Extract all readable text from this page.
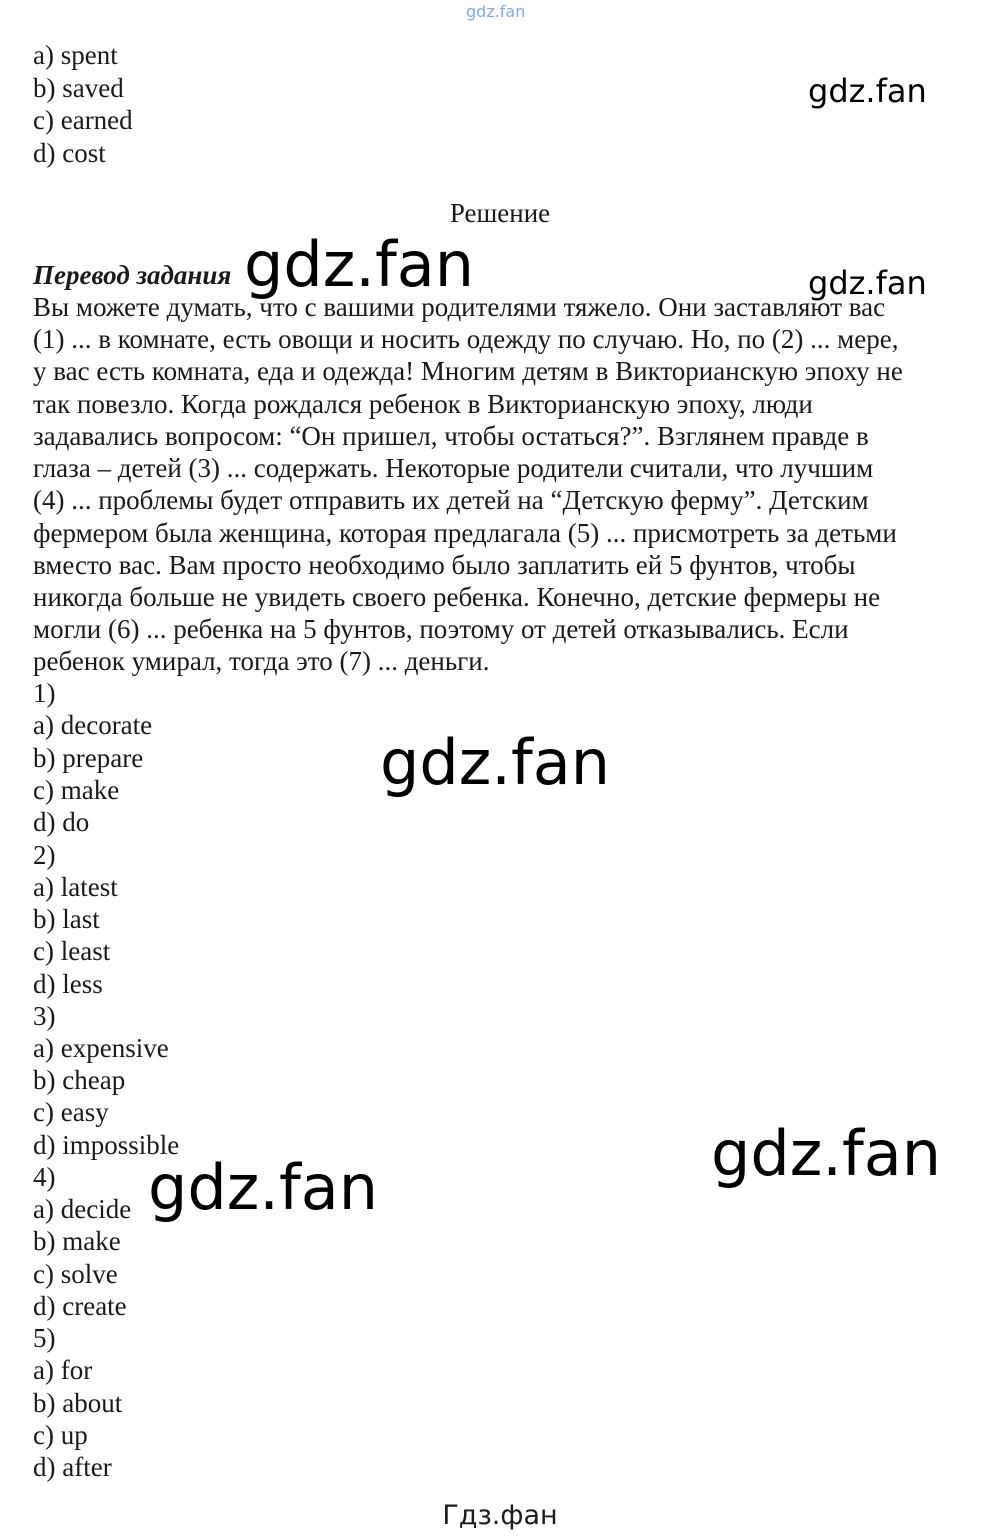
gdz.fan
a) spent
b) saved
c) earned
d) cost
gdz.fan
Решение
Перевод задания
Вы можете думать, что с вашими родителями тяжело. Они заставляют вас
(1) ... в комнате, есть овощи и носить одежду по случаю. Но, по (2) ... мере,
у вас есть комната, еда и одежда! Многим детям в Викторианскую эпоху не
так повезло. Когда рождался ребенок в Викторианскую эпоху, люди
задавались вопросом: “Он пришел, чтобы остаться?”. Взглянем правде в
глаза – детей (3) ... содержать. Некоторые родители считали, что лучшим
(4) ... проблемы будет отправить их детей на “Детскую ферму”. Детским
фермером была женщина, которая предлагала (5) ... присмотреть за детьми
вместо вас. Вам просто необходимо было заплатить ей 5 фунтов, чтобы
никогда больше не увидеть своего ребенка. Конечно, детские фермеры не
могли (6) ... ребенка на 5 фунтов, поэтому от детей отказывались. Если
ребенок умирал, тогда это (7) ... деньги.
1)
a) decorate
b) prepare
c) make
d) do
2)
a) latest
b) last
c) least
d) less
3)
a) expensive
b) cheap
c) easy
d) impossible
4)
a) decide
b) make
c) solve
d) create
5)
a) for
b) about
c) up
d) after
gdz.fan	gdz.fan
gdz.fan
gdz.fan
gdz.fan
Гдз.фан
